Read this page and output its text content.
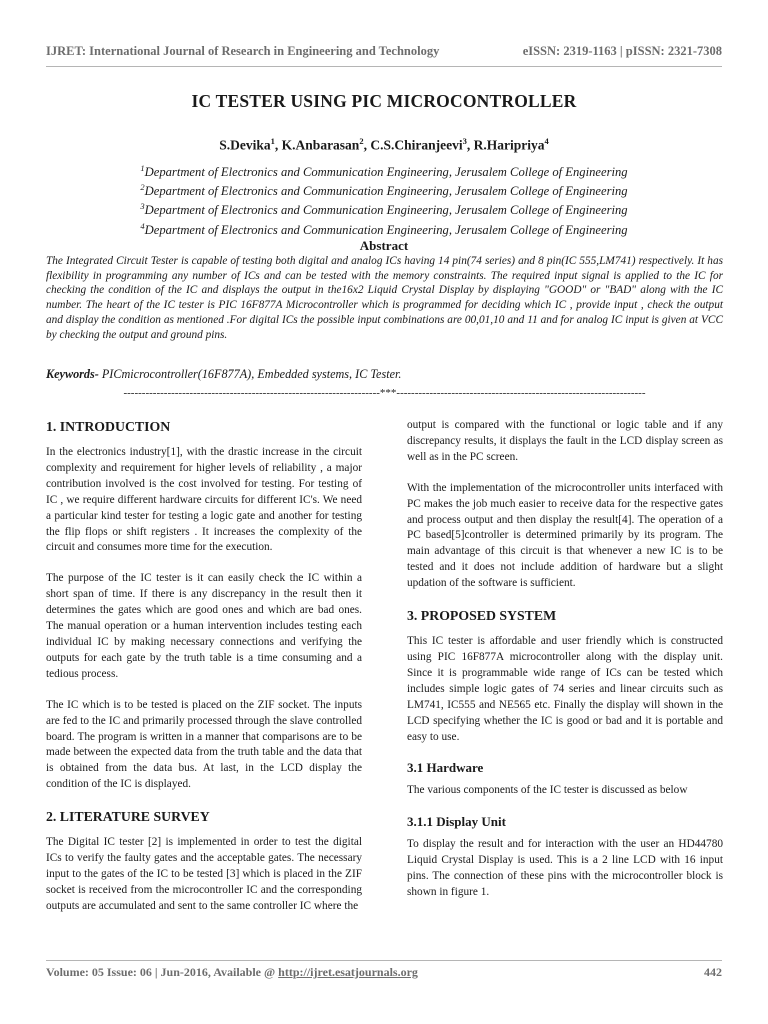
IJRET: International Journal of Research in Engineering and Technology	eISSN: 2319-1163 | pISSN: 2321-7308
IC TESTER USING PIC MICROCONTROLLER
S.Devika$^1$, K.Anbarasan$^2$, C.S.Chiranjeevi$^3$, R.Haripriya$^4$
$^1$Department of Electronics and Communication Engineering, Jerusalem College of Engineering
$^2$Department of Electronics and Communication Engineering, Jerusalem College of Engineering
$^3$Department of Electronics and Communication Engineering, Jerusalem College of Engineering
$^4$Department of Electronics and Communication Engineering, Jerusalem College of Engineering
Abstract
The Integrated Circuit Tester is capable of testing both digital and analog ICs having 14 pin(74 series) and 8 pin(IC 555,LM741) respectively. It has flexibility in programming any number of ICs and can be tested with the memory constraints. The required input signal is applied to the IC for checking the condition of the IC and displays the output in the16x2 Liquid Crystal Display by displaying "GOOD" or "BAD" along with the IC number. The heart of the IC tester is PIC 16F877A Microcontroller which is programmed for deciding which IC , provide input , check the output and display the condition as mentioned .For digital ICs the possible input combinations are 00,01,10 and 11 and for analog IC input is given at VCC by checking the output and ground pins.
Keywords- PICmicrocontroller(16F877A), Embedded systems, IC Tester.
----------------------------------------------------------------------***--------------------------------------------------------------------
1. INTRODUCTION

In the electronics industry[1], with the drastic increase in the circuit complexity and requirement for higher levels of reliability , a major contribution involved is the cost involved for testing. For testing of IC , we require different hardware circuits for different IC's. We need a particular kind tester for testing a logic gate and another for testing the flip flops or shift registers . It increases the complexity of the circuit and consumes more time for the execution.

The purpose of the IC tester is it can easily check the IC within a short span of time. If there is any discrepancy in the result then it determines the gates which are good ones and which are bad ones. The manual operation or a human intervention includes testing each individual IC by making necessary connections and verifying the outputs for each gate by the truth table is a time consuming and a tedious process.

The IC which is to be tested is placed on the ZIF socket. The inputs are fed to the IC and primarily processed through the slave controlled board. The program is written in a manner that comparisons are to be made between the expected data from the truth table and the data that is obtained from the data bus. At last, in the LCD display the condition of the IC is displayed.

2. LITERATURE SURVEY

The Digital IC tester [2] is implemented in order to test the digital ICs to verify the faulty gates and the acceptable gates. The necessary input to the gates of the IC to be tested [3] which is placed in the ZIF socket is received from the microcontroller IC and the corresponding outputs are accumulated and sent to the same controller IC where the

output is compared with the functional or logic table and if any discrepancy results, it displays the fault in the LCD display screen as well as in the PC screen.

With the implementation of the microcontroller units interfaced with PC makes the job much easier to receive data for the respective gates and process output and then display the result[4]. The operation of a PC based[5]controller is determined primarily by its program. The main advantage of this circuit is that whenever a new IC is to be tested and it does not include addition of hardware but a slight updation of the software is sufficient.

3. PROPOSED SYSTEM

This IC tester is affordable and user friendly which is constructed using PIC 16F877A microcontroller along with the display unit. Since it is programmable wide range of ICs can be tested which includes simple logic gates of 74 series and linear circuits such as LM741, IC555 and NE565 etc. Finally the display will shown in the LCD specifying whether the IC is good or bad and it is portable and easy to use.

3.1 Hardware

The various components of the IC tester is discussed as below

3.1.1 Display Unit

To display the result and for interaction with the user an HD44780 Liquid Crystal Display is used. This is a 2 line LCD with 16 input pins. The connection of these pins with the microcontroller block is shown in figure 1.

Volume: 05 Issue: 06 | Jun-2016, Available @ http://ijret.esatjournals.org	442
